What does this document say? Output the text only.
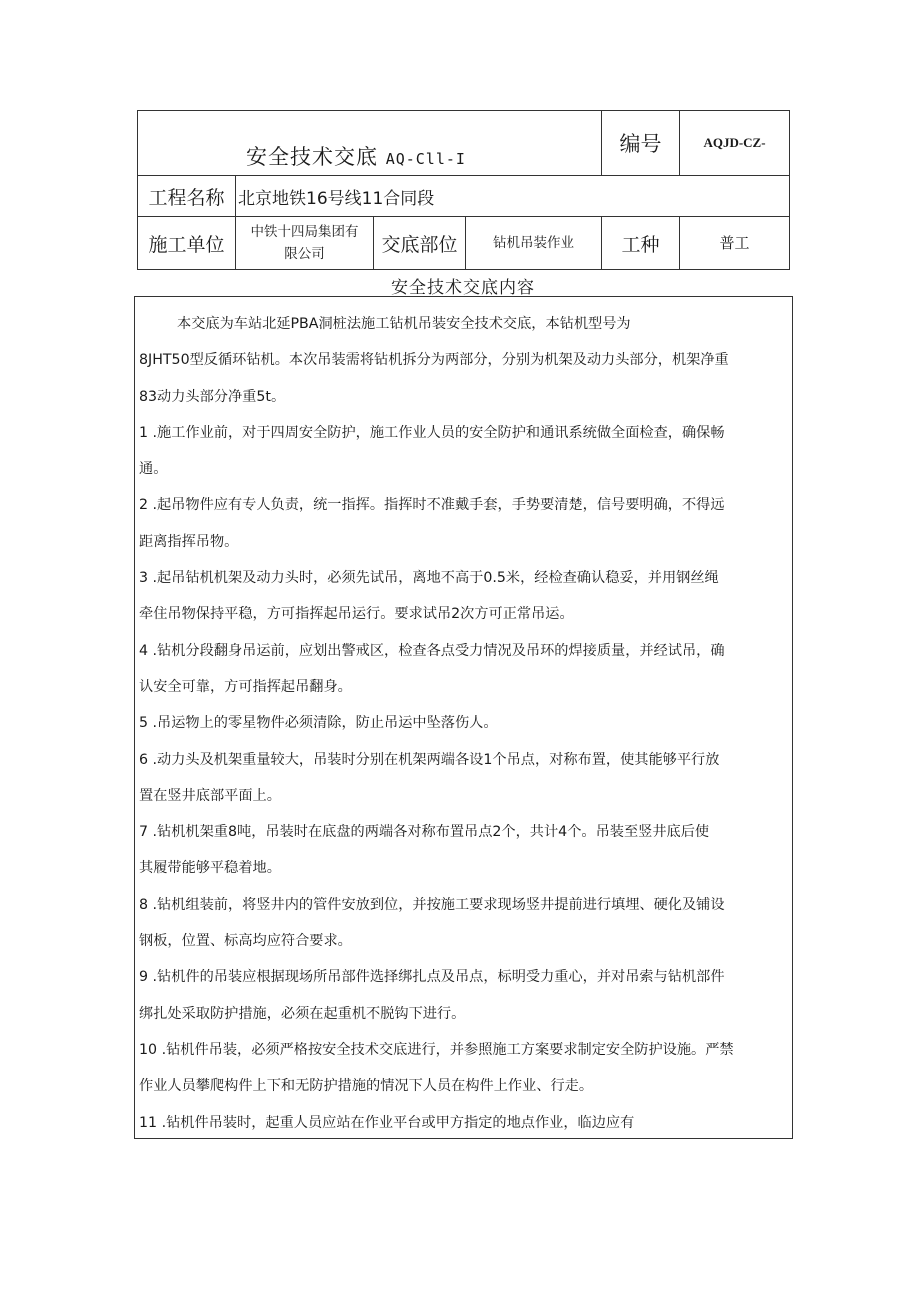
安全技术交底 AQ-Cll-I				编号	AQJD-CZ-
工程名称	北京地铁16号线11合同段				
施工单位	中铁十四局集团有
限公司	交底部位	钻机吊装作业	工种	普工
安全技术交底内容
本交底为车站北延PBA洞桩法施工钻机吊装安全技术交底，本钻机型号为
8JHT50型反循环钻机。本次吊装需将钻机拆分为两部分，分别为机架及动力头部分，机架净重
83动力头部分净重5t。
1 .施工作业前，对于四周安全防护，施工作业人员的安全防护和通讯系统做全面检查，确保畅
通。
2 .起吊物件应有专人负责，统一指挥。指挥时不准戴手套，手势要清楚，信号要明确，不得远
距离指挥吊物。
3 .起吊钻机机架及动力头时，必须先试吊，离地不高于0.5米，经检查确认稳妥，并用钢丝绳
牵住吊物保持平稳，方可指挥起吊运行。要求试吊2次方可正常吊运。
4 .钻机分段翻身吊运前，应划出警戒区，检查各点受力情况及吊环的焊接质量，并经试吊，确
认安全可靠，方可指挥起吊翻身。
5 .吊运物上的零星物件必须清除，防止吊运中坠落伤人。
6 .动力头及机架重量较大，吊装时分别在机架两端各设1个吊点，对称布置，使其能够平行放
置在竖井底部平面上。
7 .钻机机架重8吨，吊装时在底盘的两端各对称布置吊点2个，共计4个。吊装至竖井底后使
其履带能够平稳着地。
8 .钻机组装前，将竖井内的管件安放到位，并按施工要求现场竖井提前进行填埋、硬化及铺设
钢板，位置、标高均应符合要求。
9 .钻机件的吊装应根据现场所吊部件选择绑扎点及吊点，标明受力重心，并对吊索与钻机部件
绑扎处采取防护措施，必须在起重机不脱钩下进行。
10 .钻机件吊装，必须严格按安全技术交底进行，并参照施工方案要求制定安全防护设施。严禁
作业人员攀爬构件上下和无防护措施的情况下人员在构件上作业、行走。
11 .钻机件吊装时，起重人员应站在作业平台或甲方指定的地点作业，临边应有
